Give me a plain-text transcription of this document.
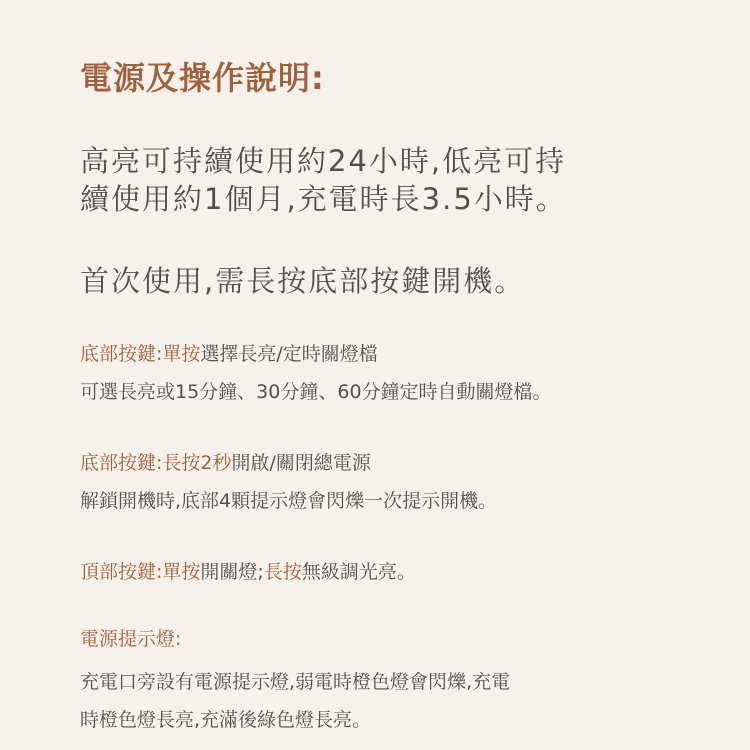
電源及操作說明:

高亮可持續使用約24小時,低亮可持

續使用約1個月,充電時長3.5小時。

首次使用,需長按底部按鍵開機。

底部按鍵:單按選擇長亮/定時關燈檔

可選長亮或15分鐘、30分鐘、60分鐘定時自動關燈檔。

底部按鍵:長按2秒開啟/關閉總電源

解鎖開機時,底部4顆提示燈會閃爍一次提示開機。

頂部按鍵:單按開關燈;長按無級調光亮。

電源提示燈:

充電口旁設有電源提示燈,弱電時橙色燈會閃爍,充電

時橙色燈長亮,充滿後綠色燈長亮。
